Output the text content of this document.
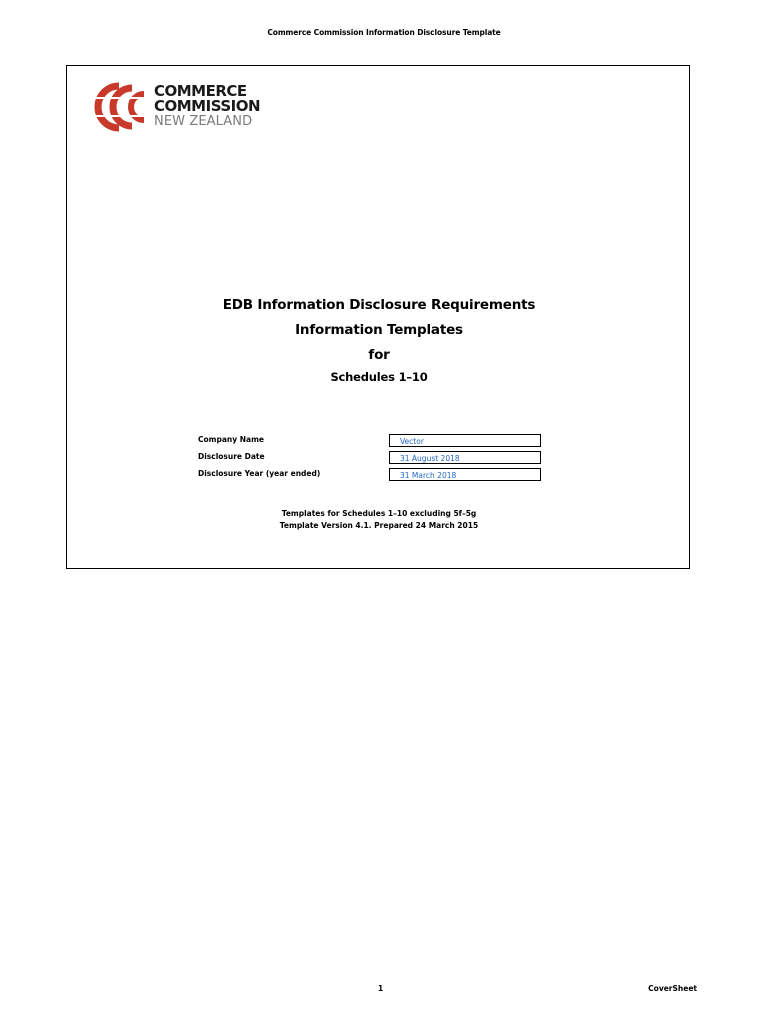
Commerce Commission Information Disclosure Template
COMMERCE
COMMISSION
NEW ZEALAND
EDB Information Disclosure Requirements
Information Templates
for
Schedules 1–10
Company Name	Vector
Disclosure Date	31 August 2018
Disclosure Year (year ended)	31 March 2018
Templates for Schedules 1–10 excluding 5f–5g
Template Version 4.1. Prepared 24 March 2015
1	CoverSheet
